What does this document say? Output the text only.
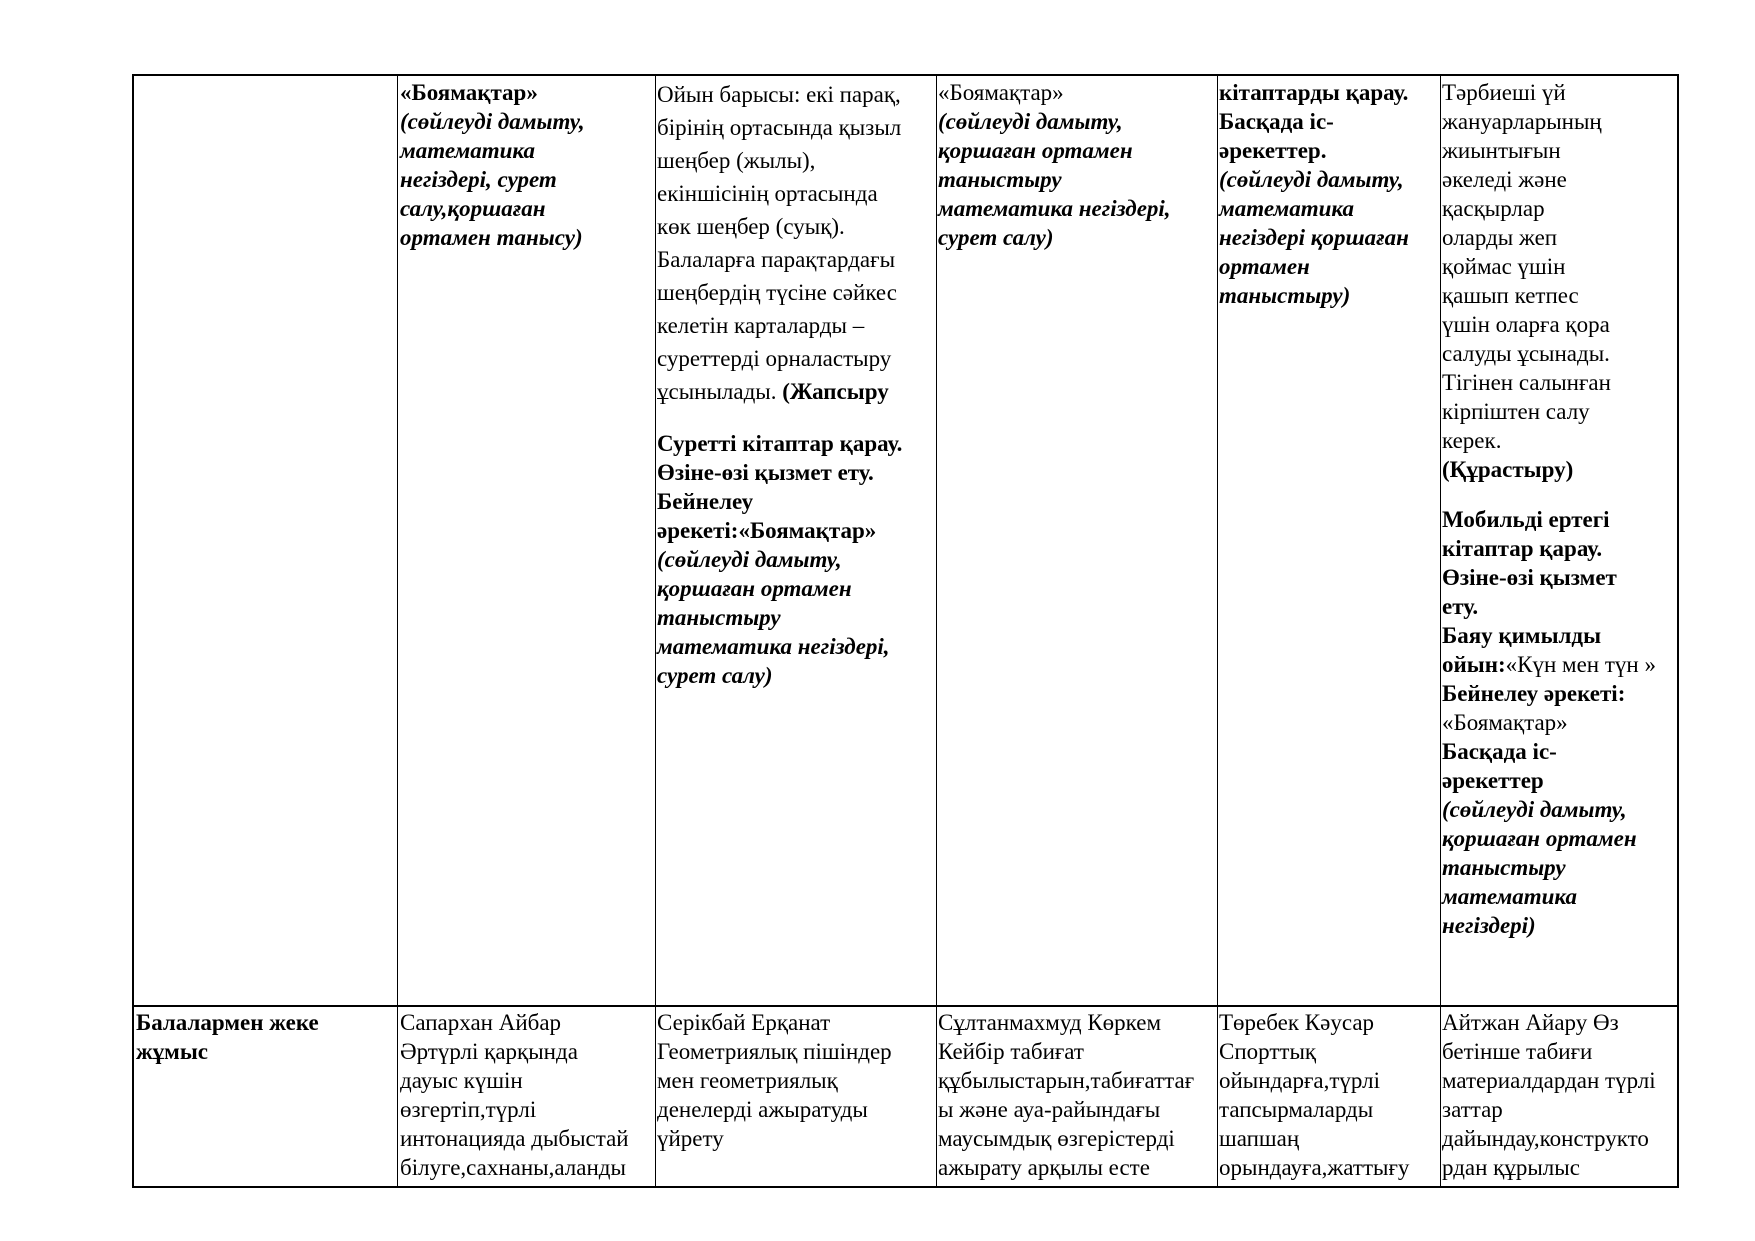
«Боямақтар»

(сөйлеуді дамыту,

математика

негіздері, сурет

салу,қоршаған

ортамен танысу)

Ойын барысы: екі парақ,

бірінің ортасында қызыл

шеңбер (жылы),

екіншісінің ортасында

көк шеңбер (суық).

Балаларға парақтардағы

шеңбердің түсіне сәйкес

келетін карталарды –

суреттерді орналастыру

ұсынылады. (Жапсыру

Суретті кітаптар қарау.

Өзіне-өзі қызмет ету.

Бейнелеу

әрекеті:«Боямақтар»

(сөйлеуді дамыту,

қоршаған ортамен

таныстыру

математика негіздері,

сурет салу)

«Боямақтар»

(сөйлеуді дамыту,

қоршаған ортамен

таныстыру

математика негіздері,

сурет салу)

кітаптарды қарау.

Басқада іс-

әрекеттер.

(сөйлеуді дамыту,

математика

негіздері қоршаған

ортамен

таныстыру)

Тәрбиеші үй

жануарларының

жиынтығын

әкеледі және

қасқырлар

оларды жеп

қоймас үшін

қашып кетпес

үшін оларға қора

салуды ұсынады.

Тігінен салынған

кірпіштен салу

керек.

(Құрастыру)

Мобильді ертегі

кітаптар қарау.

Өзіне-өзі қызмет

ету.

Баяу қимылды

ойын:«Күн мен түн »

Бейнелеу әрекеті:

«Боямақтар»

Басқада іс-

әрекеттер

(сөйлеуді дамыту,

қоршаған ортамен

таныстыру

математика

негіздері)

Балалармен жеке

жұмыс

Сапархан Айбар

Әртүрлі қарқында

дауыс күшін

өзгертіп,түрлі

интонацияда дыбыстай

білуге,сахнаны,аланды

Серікбай Ерқанат

Геометриялық пішіндер

мен геометриялық

денелерді ажыратуды

үйрету

Сұлтанмахмуд Көркем

Кейбір табиғат

құбылыстарын,табиғаттағ

ы және ауа-райындағы

маусымдық өзгерістерді

ажырату арқылы есте

Төребек Кәусар

Спорттық

ойындарға,түрлі

тапсырмаларды

шапшаң

орындауға,жаттығу

Айтжан Айару Өз

бетінше табиғи

материалдардан түрлі

заттар

дайындау,конструкто

рдан құрылыс
